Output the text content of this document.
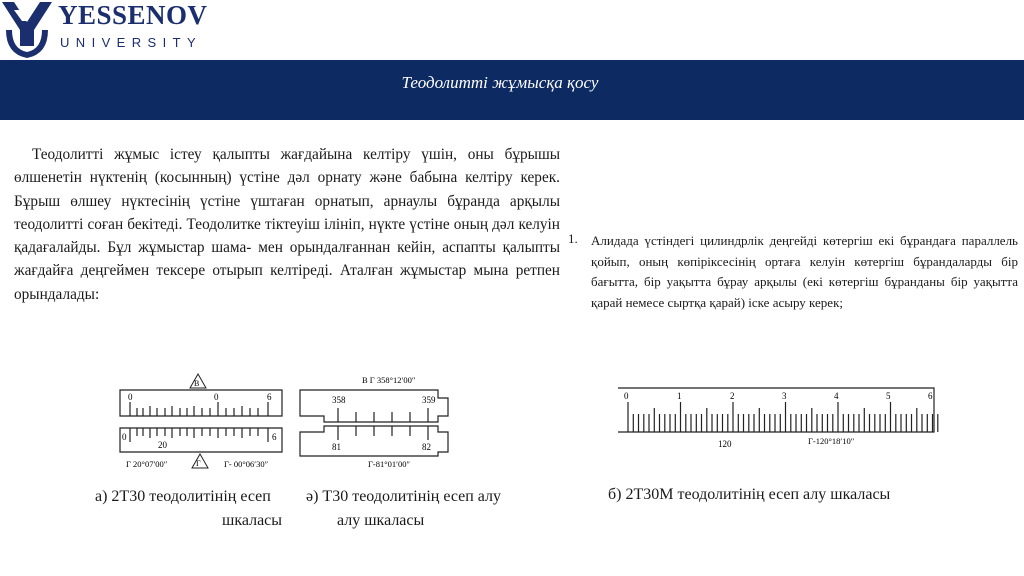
YESSENOV
UNIVERSITY
Теодолитті жұмысқа қосу
Теодолитті жұмыс істеу қалыпты жағдайына келтіру үшін, оны бұрышы өлшенетін нүктенің (косынның) үстіне дәл орнату және бабына келтіру керек. Бұрыш өлшеу нүктесінің үстіне үштаған орнатып, арнаулы бұранда арқылы теодолитті соған бекітеді. Теодолитке тіктеуіш ілініп, нүкте үстіне оның дәл келуін қадағалайды. Бұл жұмыстар шама- мен орындалғаннан кейін, аспапты қалыпты жағдайға деңгеймен тексере отырып келтіреді. Аталған жұмыстар мына ретпен орындалады:
1. Алидада үстіндегі цилиндрлік деңгейді көтергіш екі бұрандаға параллель қойып, оның көпіріксесінің ортаға келуін көтергіш бұрандаларды бір бағытта, бір уақытта бұрау арқылы (екі көтергіш бұранданы бір уақытта қарай немесе сыртқа қарай) іске асыру керек;
В
0	0	6
0
20
6
Г
Г 20°07′00″	Г- 00°06′30″
В Г 358°12′00″
358	359
81	82
Г-81°01′00″
0	1	2	3	4	5	6
120	Г-120°18′10″
а) 2Т30 теодолитінің есеп
шкаласы
ә) Т30 теодолитінің есеп алу
алу шкаласы
б) 2Т30М теодолитінің есеп алу шкаласы
